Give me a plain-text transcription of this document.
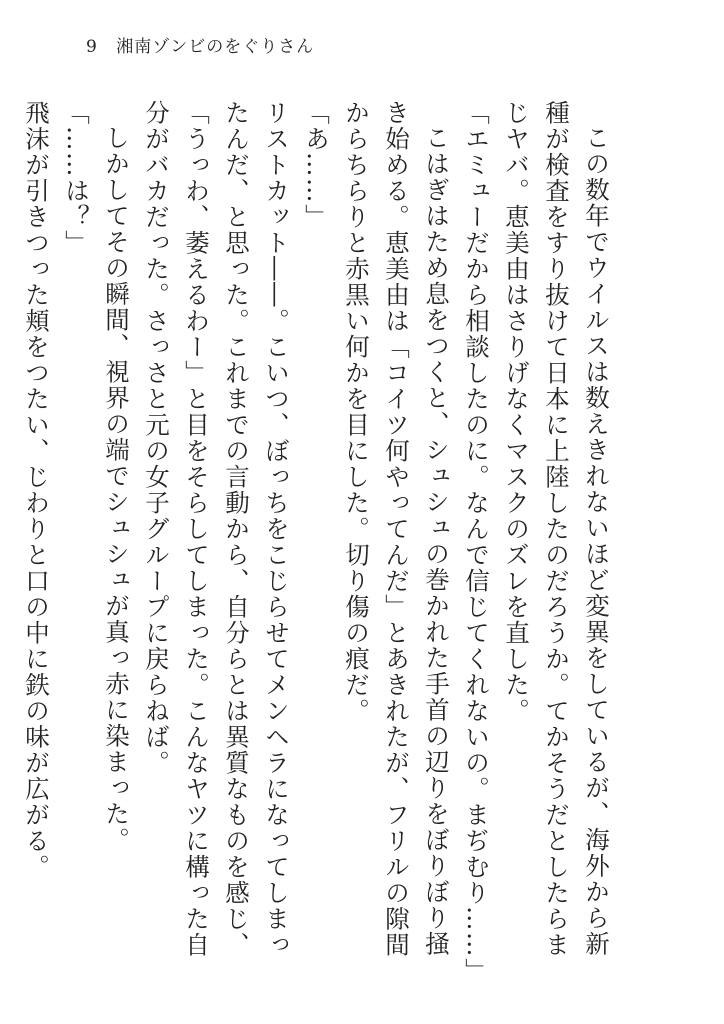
9 湘南ゾンビのをぐりさん

この数年でウイルスは数えきれないほど変異をしているが、海外から新種が検査をすり抜けて日本に上陸したのだろうか。てかそうだとしたらまじヤバ。恵美由はさりげなくマスクのズレを直した。

「エミューだから相談したのに。なんで信じてくれないの。まぢむり……」

こはぎはため息をつくと、シュシュの巻かれた手首の辺りをぼりぼり掻き始める。恵美由は「コイツ何やってんだ」とあきれたが、フリルの隙間からちらりと赤黒い何かを目にした。切り傷の痕だ。

「あ……」

リストカット――。こいつ、ぼっちをこじらせてメンヘラになってしまったんだ、と思った。これまでの言動から、自分らとは異質なものを感じ、「うっわ、萎えるわー」と目をそらしてしまった。こんなヤツに構った自分がバカだった。さっさと元の女子グループに戻らねば。

しかしてその瞬間、視界の端でシュシュが真っ赤に染まった。

「……は？」

飛沫が引きつった頬をつたい、じわりと口の中に鉄の味が広がる。
